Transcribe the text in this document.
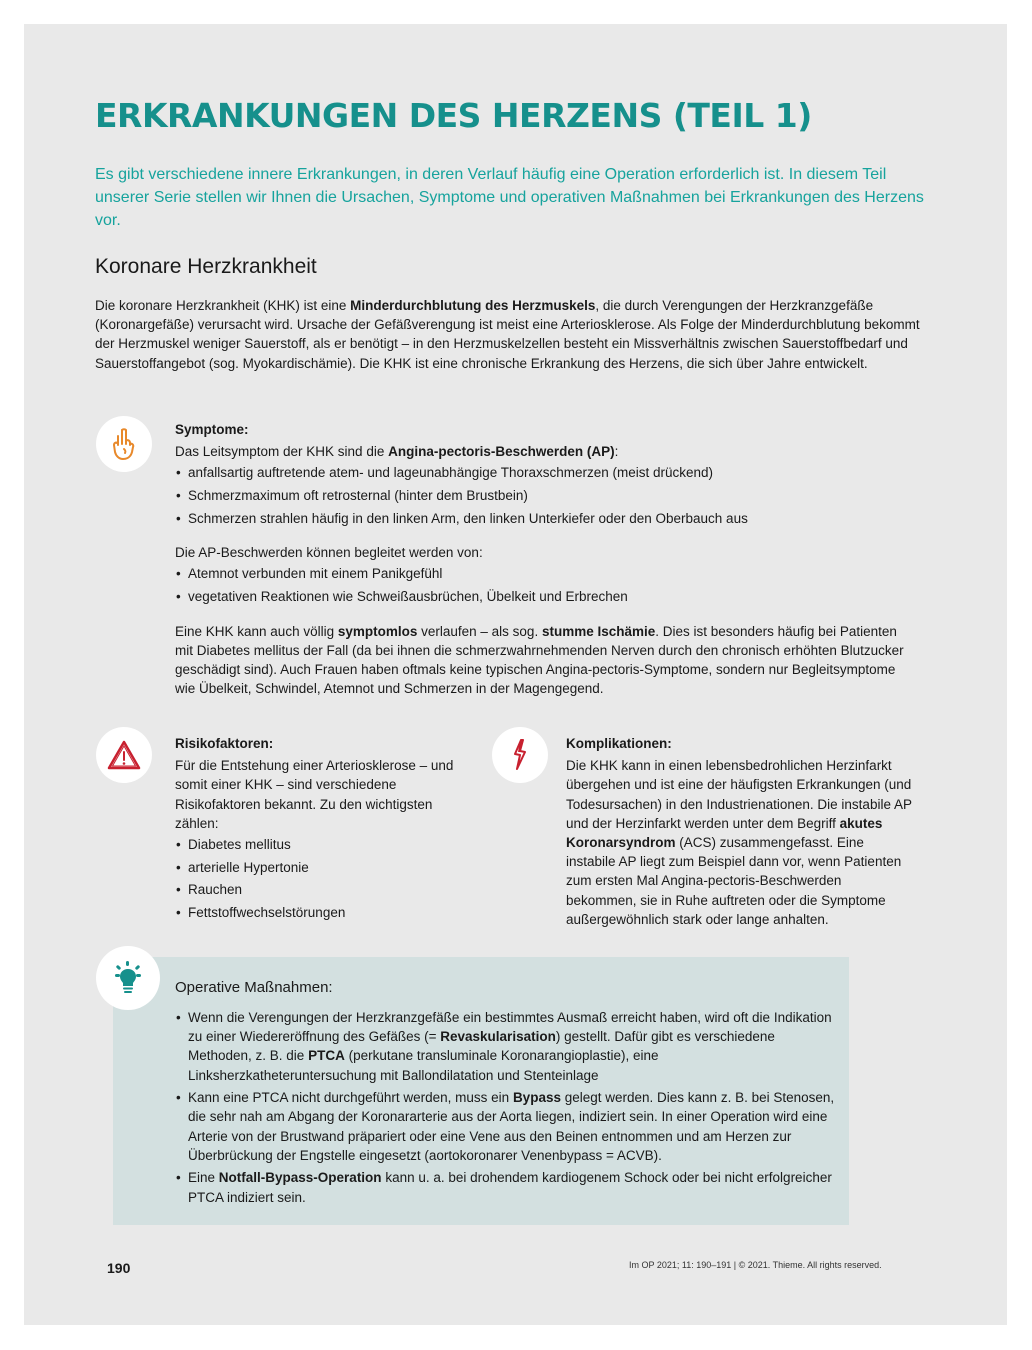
ERKRANKUNGEN DES HERZENS (TEIL 1)

Es gibt verschiedene innere Erkrankungen, in deren Verlauf häufig eine Operation erforderlich ist. In diesem Teil unserer Serie stellen wir Ihnen die Ursachen, Symptome und operativen Maßnahmen bei Erkrankungen des Herzens vor.

Koronare Herzkrankheit

Die koronare Herzkrankheit (KHK) ist eine Minderdurchblutung des Herzmuskels, die durch Verengungen der Herzkranzgefäße (Koronargefäße) verursacht wird. Ursache der Gefäßverengung ist meist eine Arteriosklerose. Als Folge der Minderdurchblutung bekommt der Herzmuskel weniger Sauerstoff, als er benötigt – in den Herzmuskelzellen besteht ein Missverhältnis zwischen Sauerstoffbedarf und Sauerstoffangebot (sog. Myokardischämie). Die KHK ist eine chronische Erkrankung des Herzens, die sich über Jahre entwickelt.

Symptome:

Das Leitsymptom der KHK sind die Angina-pectoris-Beschwerden (AP):

• anfallsartig auftretende atem- und lageunabhängige Thoraxschmerzen (meist drückend)
• Schmerzmaximum oft retrosternal (hinter dem Brustbein)
• Schmerzen strahlen häufig in den linken Arm, den linken Unterkiefer oder den Oberbauch aus

Die AP-Beschwerden können begleitet werden von:

• Atemnot verbunden mit einem Panikgefühl
• vegetativen Reaktionen wie Schweißausbrüchen, Übelkeit und Erbrechen

Eine KHK kann auch völlig symptomlos verlaufen – als sog. stumme Ischämie. Dies ist besonders häufig bei Patienten mit Diabetes mellitus der Fall (da bei ihnen die schmerzwahrnehmenden Nerven durch den chronisch erhöhten Blutzucker geschädigt sind). Auch Frauen haben oftmals keine typischen Angina-pectoris-Symptome, sondern nur Begleitsymptome wie Übelkeit, Schwindel, Atemnot und Schmerzen in der Magengegend.

Risikofaktoren:

Für die Entstehung einer Arteriosklerose – und somit einer KHK – sind verschiedene Risikofaktoren bekannt. Zu den wichtigsten zählen:

• Diabetes mellitus
• arterielle Hypertonie
• Rauchen
• Fettstoffwechselstörungen
Komplikationen:

Die KHK kann in einen lebensbedrohlichen Herzinfarkt übergehen und ist eine der häufigsten Erkrankungen (und Todesursachen) in den Industrienationen. Die instabile AP und der Herzinfarkt werden unter dem Begriff akutes Koronarsyndrom (ACS) zusammengefasst. Eine instabile AP liegt zum Beispiel dann vor, wenn Patienten zum ersten Mal Angina-pectoris-Beschwerden bekommen, sie in Ruhe auftreten oder die Symptome außergewöhnlich stark oder lange anhalten.

Operative Maßnahmen:

• Wenn die Verengungen der Herzkranzgefäße ein bestimmtes Ausmaß erreicht haben, wird oft die Indikation zu einer Wiedereröffnung des Gefäßes (= Revaskularisation) gestellt. Dafür gibt es verschiedene Methoden, z. B. die PTCA (perkutane transluminale Koronarangioplastie), eine Linksherzkatheteruntersuchung mit Ballondilatation und Stenteinlage
• Kann eine PTCA nicht durchgeführt werden, muss ein Bypass gelegt werden. Dies kann z. B. bei Stenosen, die sehr nah am Abgang der Koronararterie aus der Aorta liegen, indiziert sein. In einer Operation wird eine Arterie von der Brustwand präpariert oder eine Vene aus den Beinen entnommen und am Herzen zur Überbrückung der Engstelle eingesetzt (aortokoronarer Venenbypass = ACVB).
• Eine Notfall-Bypass-Operation kann u. a. bei drohendem kardiogenem Schock oder bei nicht erfolgreicher PTCA indiziert sein.

190	Im OP 2021; 11: 190–191 | © 2021. Thieme. All rights reserved.
